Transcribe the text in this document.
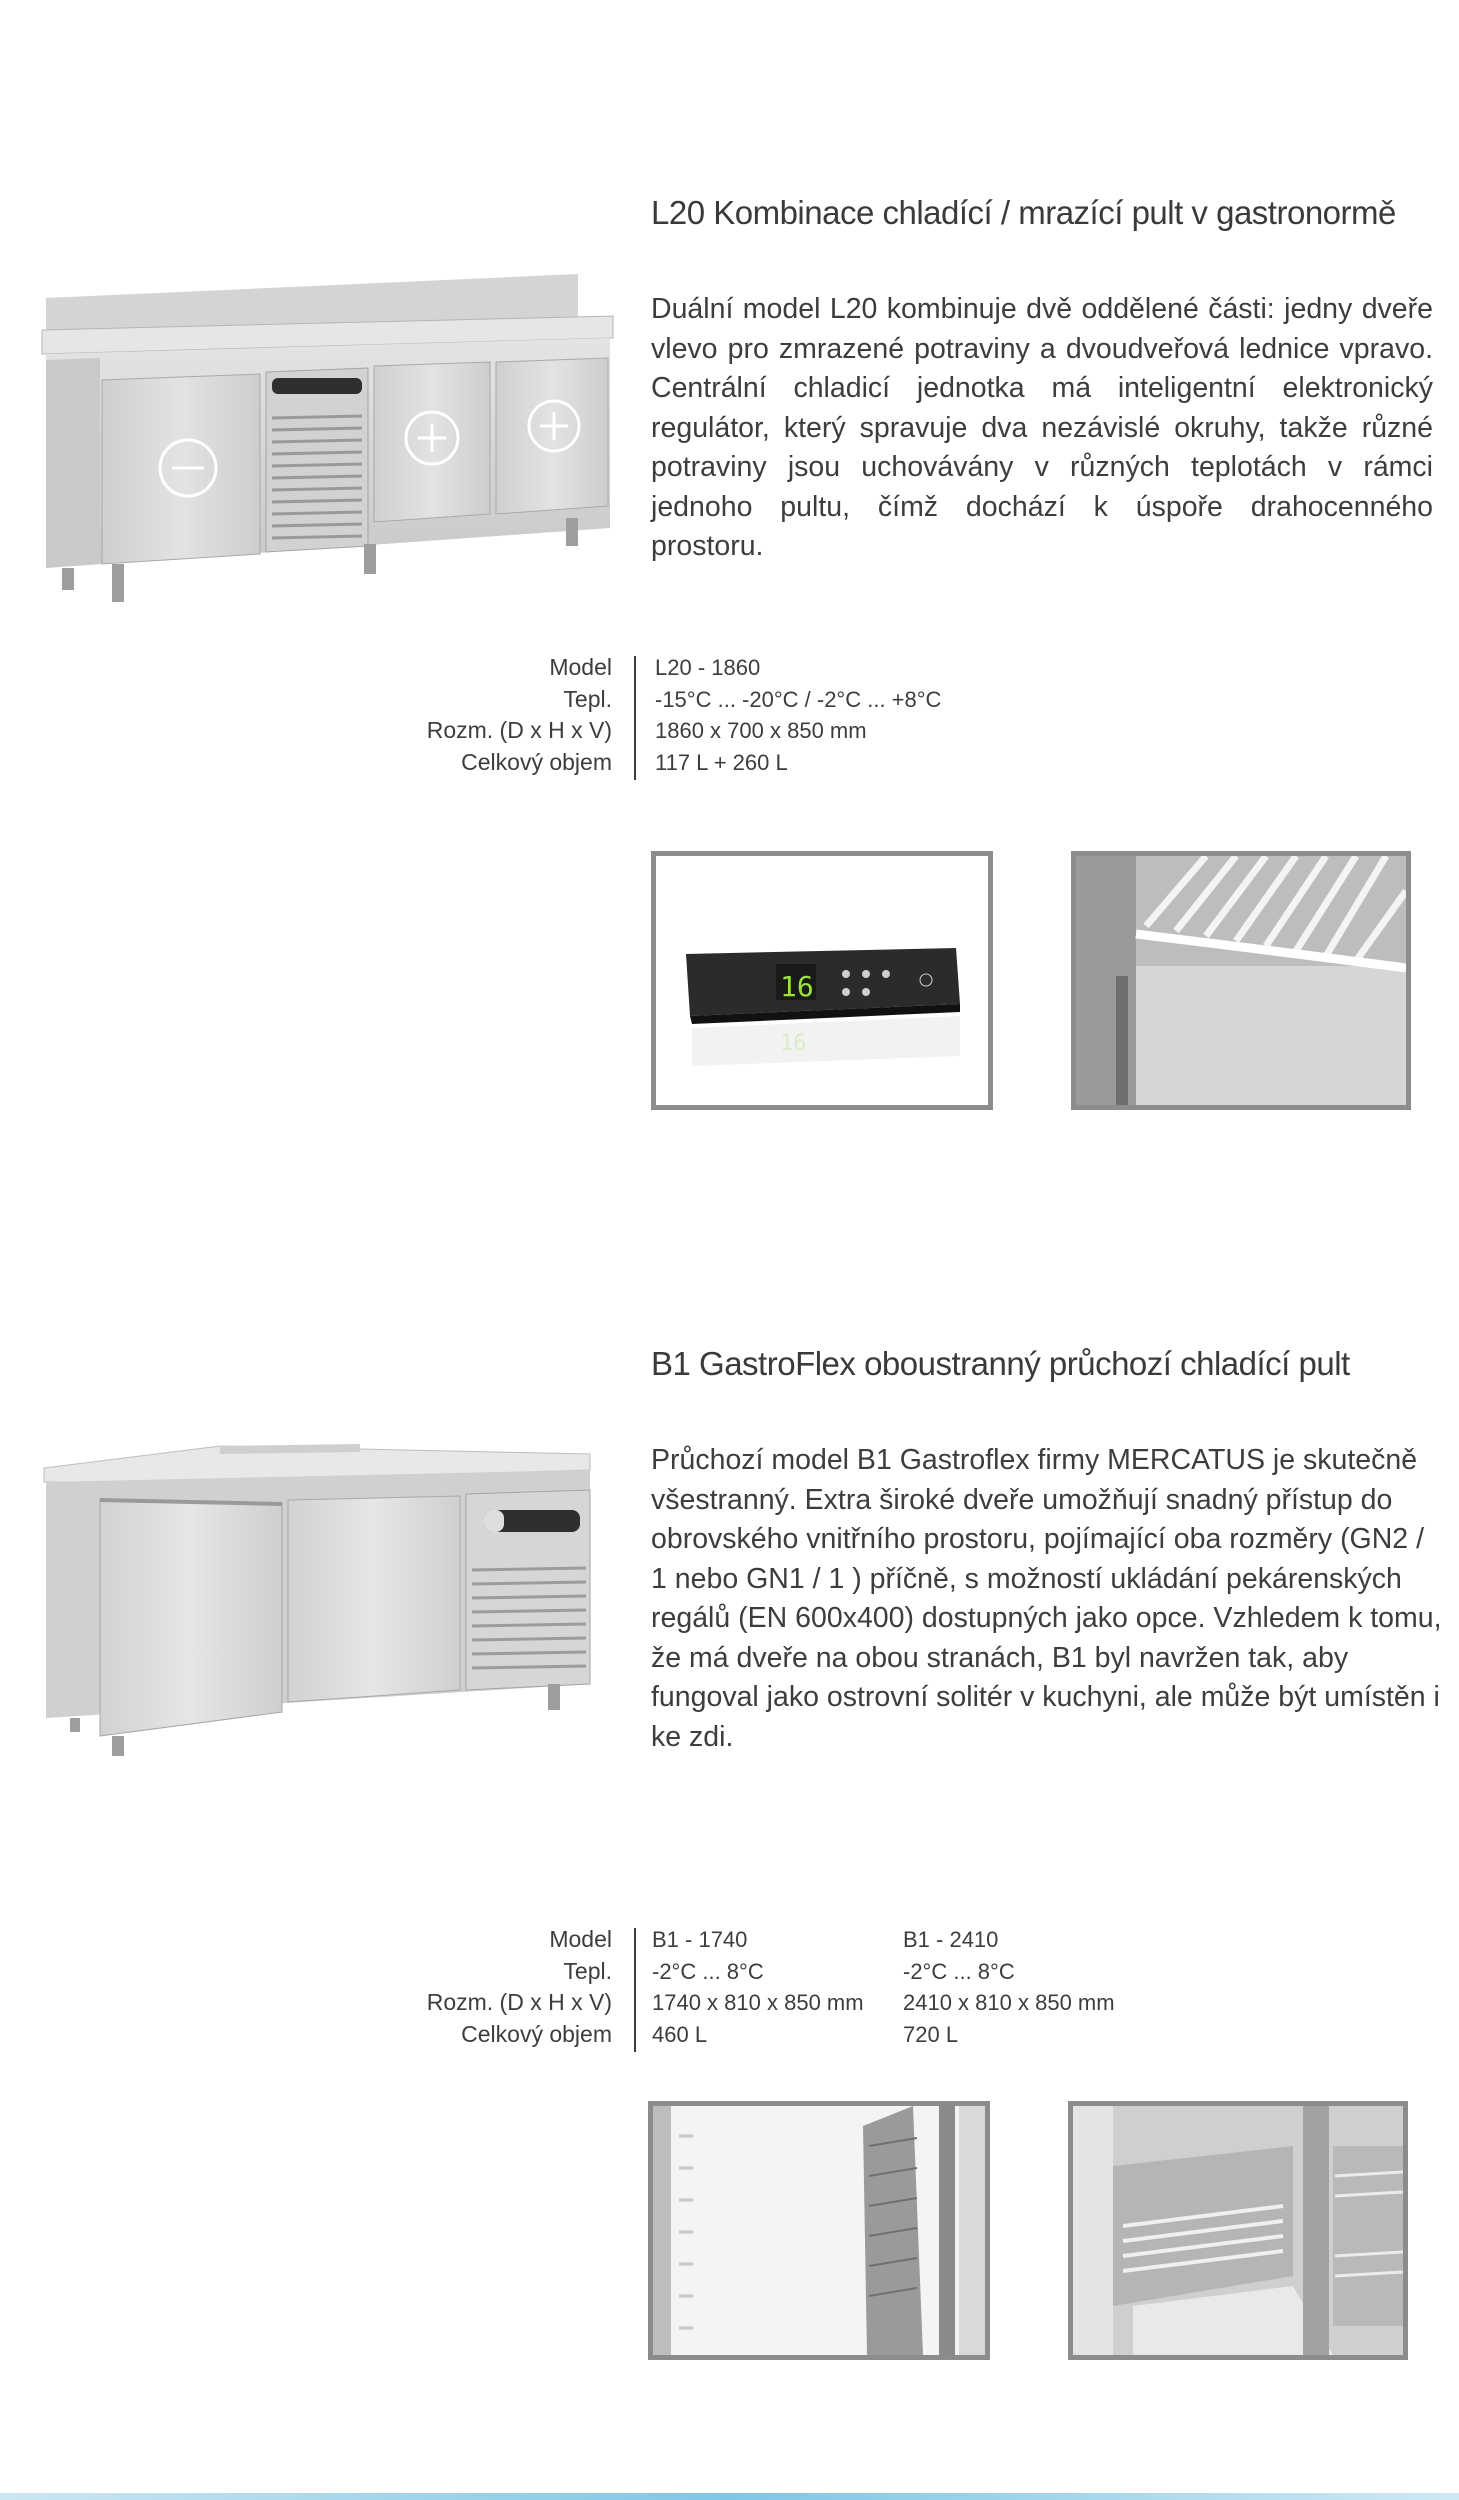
L20 Kombinace chladící / mrazící pult v gastronormě
Duální model L20 kombinuje dvě oddělené části: jedny dveře vlevo pro zmrazené potraviny a dvoudveřová lednice vpravo. Centrální chladicí jednotka má inteligentní elektronický regulátor, který spravuje dva nezávislé okruhy, takže různé potraviny jsou uchovávány v různých teplotách v rámci jednoho pultu, čímž dochází k úspoře drahocenného prostoru.
Model
Tepl.
Rozm. (D x H x V)
Celkový objem
L20 - 1860
-15°C ... -20°C / -2°C ... +8°C
1860 x 700 x 850 mm
117 L + 260 L
16
16
B1 GastroFlex oboustranný průchozí chladící pult
Průchozí model B1 Gastroflex firmy MERCATUS je skutečně všestranný. Extra široké dveře umožňují snadný přístup do obrovského vnitřního prostoru, pojímající oba rozměry (GN2 / 1 nebo GN1 / 1 ) příčně, s možností ukládání pekárenských regálů (EN 600x400) dostupných jako opce. Vzhledem k tomu, že má dveře na obou stranách, B1 byl navržen tak, aby fungoval jako ostrovní solitér v kuchyni, ale může být umístěn i ke zdi.
Model
Tepl.
Rozm. (D x H x V)
Celkový objem
B1 - 1740
-2°C ... 8°C
1740 x 810 x 850 mm
460 L
B1 - 2410
-2°C ... 8°C
2410 x 810 x 850 mm
720 L
